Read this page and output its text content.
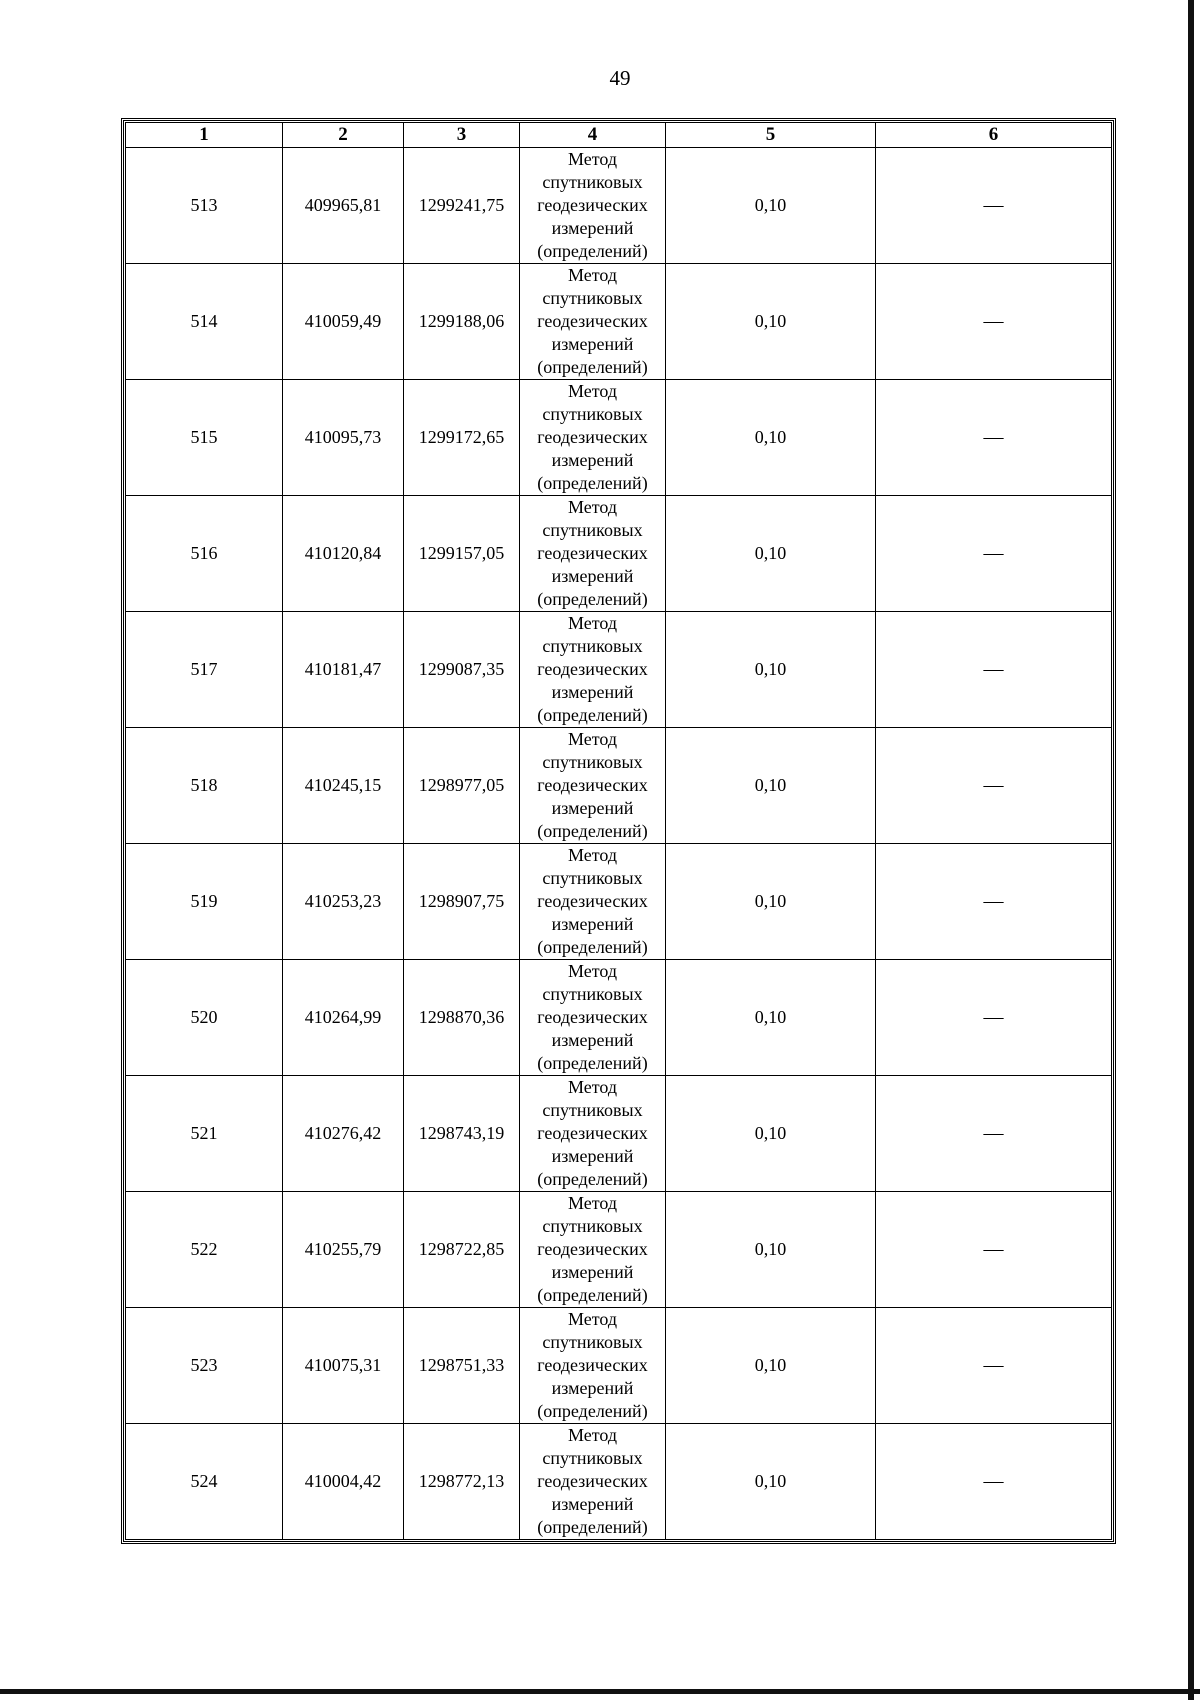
49
1	2	3	4	5	6
513	409965,81	1299241,75	Метод
спутниковых
геодезических
измерений
(определений)	0,10	—
514	410059,49	1299188,06	Метод
спутниковых
геодезических
измерений
(определений)	0,10	—
515	410095,73	1299172,65	Метод
спутниковых
геодезических
измерений
(определений)	0,10	—
516	410120,84	1299157,05	Метод
спутниковых
геодезических
измерений
(определений)	0,10	—
517	410181,47	1299087,35	Метод
спутниковых
геодезических
измерений
(определений)	0,10	—
518	410245,15	1298977,05	Метод
спутниковых
геодезических
измерений
(определений)	0,10	—
519	410253,23	1298907,75	Метод
спутниковых
геодезических
измерений
(определений)	0,10	—
520	410264,99	1298870,36	Метод
спутниковых
геодезических
измерений
(определений)	0,10	—
521	410276,42	1298743,19	Метод
спутниковых
геодезических
измерений
(определений)	0,10	—
522	410255,79	1298722,85	Метод
спутниковых
геодезических
измерений
(определений)	0,10	—
523	410075,31	1298751,33	Метод
спутниковых
геодезических
измерений
(определений)	0,10	—
524	410004,42	1298772,13	Метод
спутниковых
геодезических
измерений
(определений)	0,10	—
